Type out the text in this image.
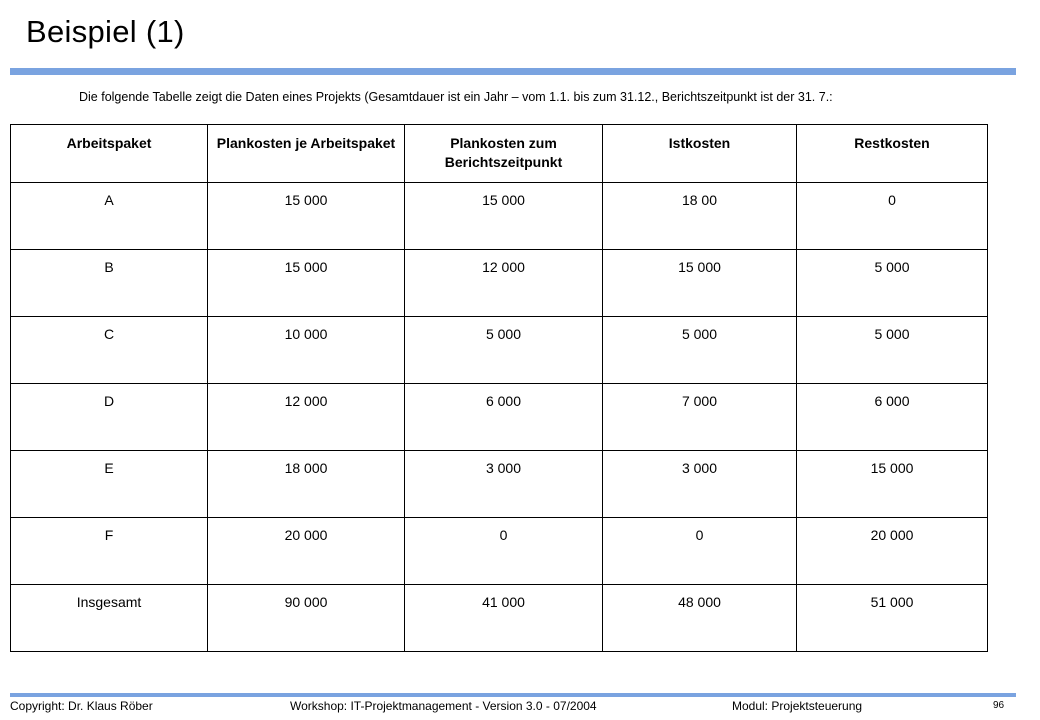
Beispiel (1)
Die folgende Tabelle zeigt die Daten eines Projekts (Gesamtdauer ist ein Jahr – vom 1.1. bis zum 31.12., Berichtszeitpunkt ist der 31. 7.:
Arbeitspaket	Plankosten je Arbeitspaket	Plankosten zum Berichtszeitpunkt	Istkosten	Restkosten
A	15 000	15 000	18 00	0
B	15 000	12 000	15 000	5 000
C	10 000	5 000	5 000	5 000
D	12 000	6 000	7 000	6 000
E	18 000	3 000	3 000	15 000
F	20 000	0	0	20 000
Insgesamt	90 000	41 000	48 000	51 000
Copyright: Dr. Klaus Röber	Workshop: IT-Projektmanagement - Version 3.0 - 07/2004	Modul: Projektsteuerung	96
